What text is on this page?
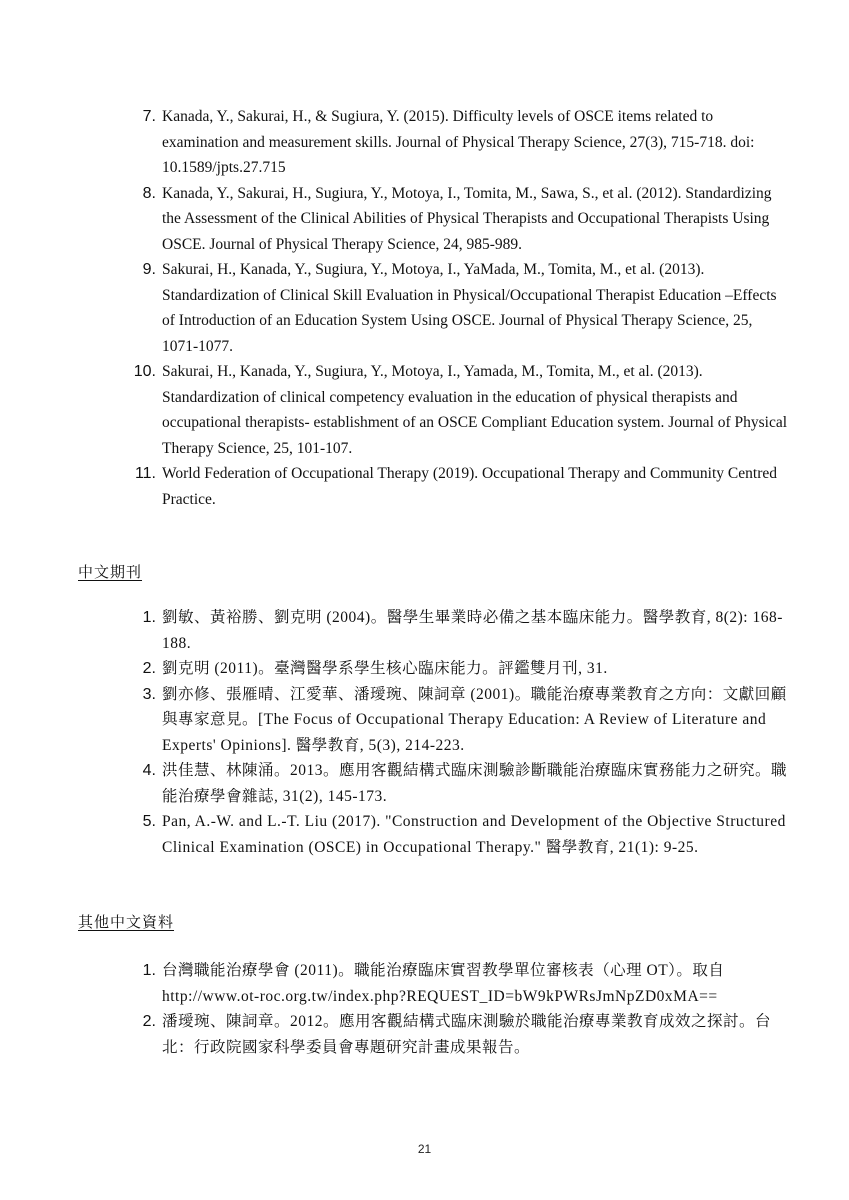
7. Kanada, Y., Sakurai, H., & Sugiura, Y. (2015). Difficulty levels of OSCE items related to examination and measurement skills. Journal of Physical Therapy Science, 27(3), 715-718. doi: 10.1589/jpts.27.715
8. Kanada, Y., Sakurai, H., Sugiura, Y., Motoya, I., Tomita, M., Sawa, S., et al. (2012). Standardizing the Assessment of the Clinical Abilities of Physical Therapists and Occupational Therapists Using OSCE. Journal of Physical Therapy Science, 24, 985-989.
9. Sakurai, H., Kanada, Y., Sugiura, Y., Motoya, I., YaMada, M., Tomita, M., et al. (2013). Standardization of Clinical Skill Evaluation in Physical/Occupational Therapist Education –Effects of Introduction of an Education System Using OSCE. Journal of Physical Therapy Science, 25, 1071-1077.
10. Sakurai, H., Kanada, Y., Sugiura, Y., Motoya, I., Yamada, M., Tomita, M., et al. (2013). Standardization of clinical competency evaluation in the education of physical therapists and occupational therapists- establishment of an OSCE Compliant Education system. Journal of Physical Therapy Science, 25, 101-107.
11. World Federation of Occupational Therapy (2019). Occupational Therapy and Community Centred Practice.
中文期刊
1. 劉敏、黃裕勝、劉克明 (2004)。醫學生畢業時必備之基本臨床能力。醫學教育, 8(2): 168-188.
2. 劉克明 (2011)。臺灣醫學系學生核心臨床能力。評鑑雙月刊, 31.
3. 劉亦修、張雁晴、江愛華、潘璦琬、陳詞章 (2001)。職能治療專業教育之方向：文獻回顧與專家意見。[The Focus of Occupational Therapy Education: A Review of Literature and Experts' Opinions]. 醫學教育, 5(3), 214-223.
4. 洪佳慧、林陳涌。2013。應用客觀結構式臨床測驗診斷職能治療臨床實務能力之研究。職能治療學會雜誌, 31(2), 145-173.
5. Pan, A.-W. and L.-T. Liu (2017). "Construction and Development of the Objective Structured Clinical Examination (OSCE) in Occupational Therapy." 醫學教育, 21(1): 9-25.
其他中文資料
1. 台灣職能治療學會 (2011)。職能治療臨床實習教學單位審核表（心理 OT）。取自 http://www.ot-roc.org.tw/index.php?REQUEST_ID=bW9kPWRsJmNpZD0xMA==
2. 潘璦琬、陳詞章。2012。應用客觀結構式臨床測驗於職能治療專業教育成效之探討。台北：行政院國家科學委員會專題研究計畫成果報告。
21
